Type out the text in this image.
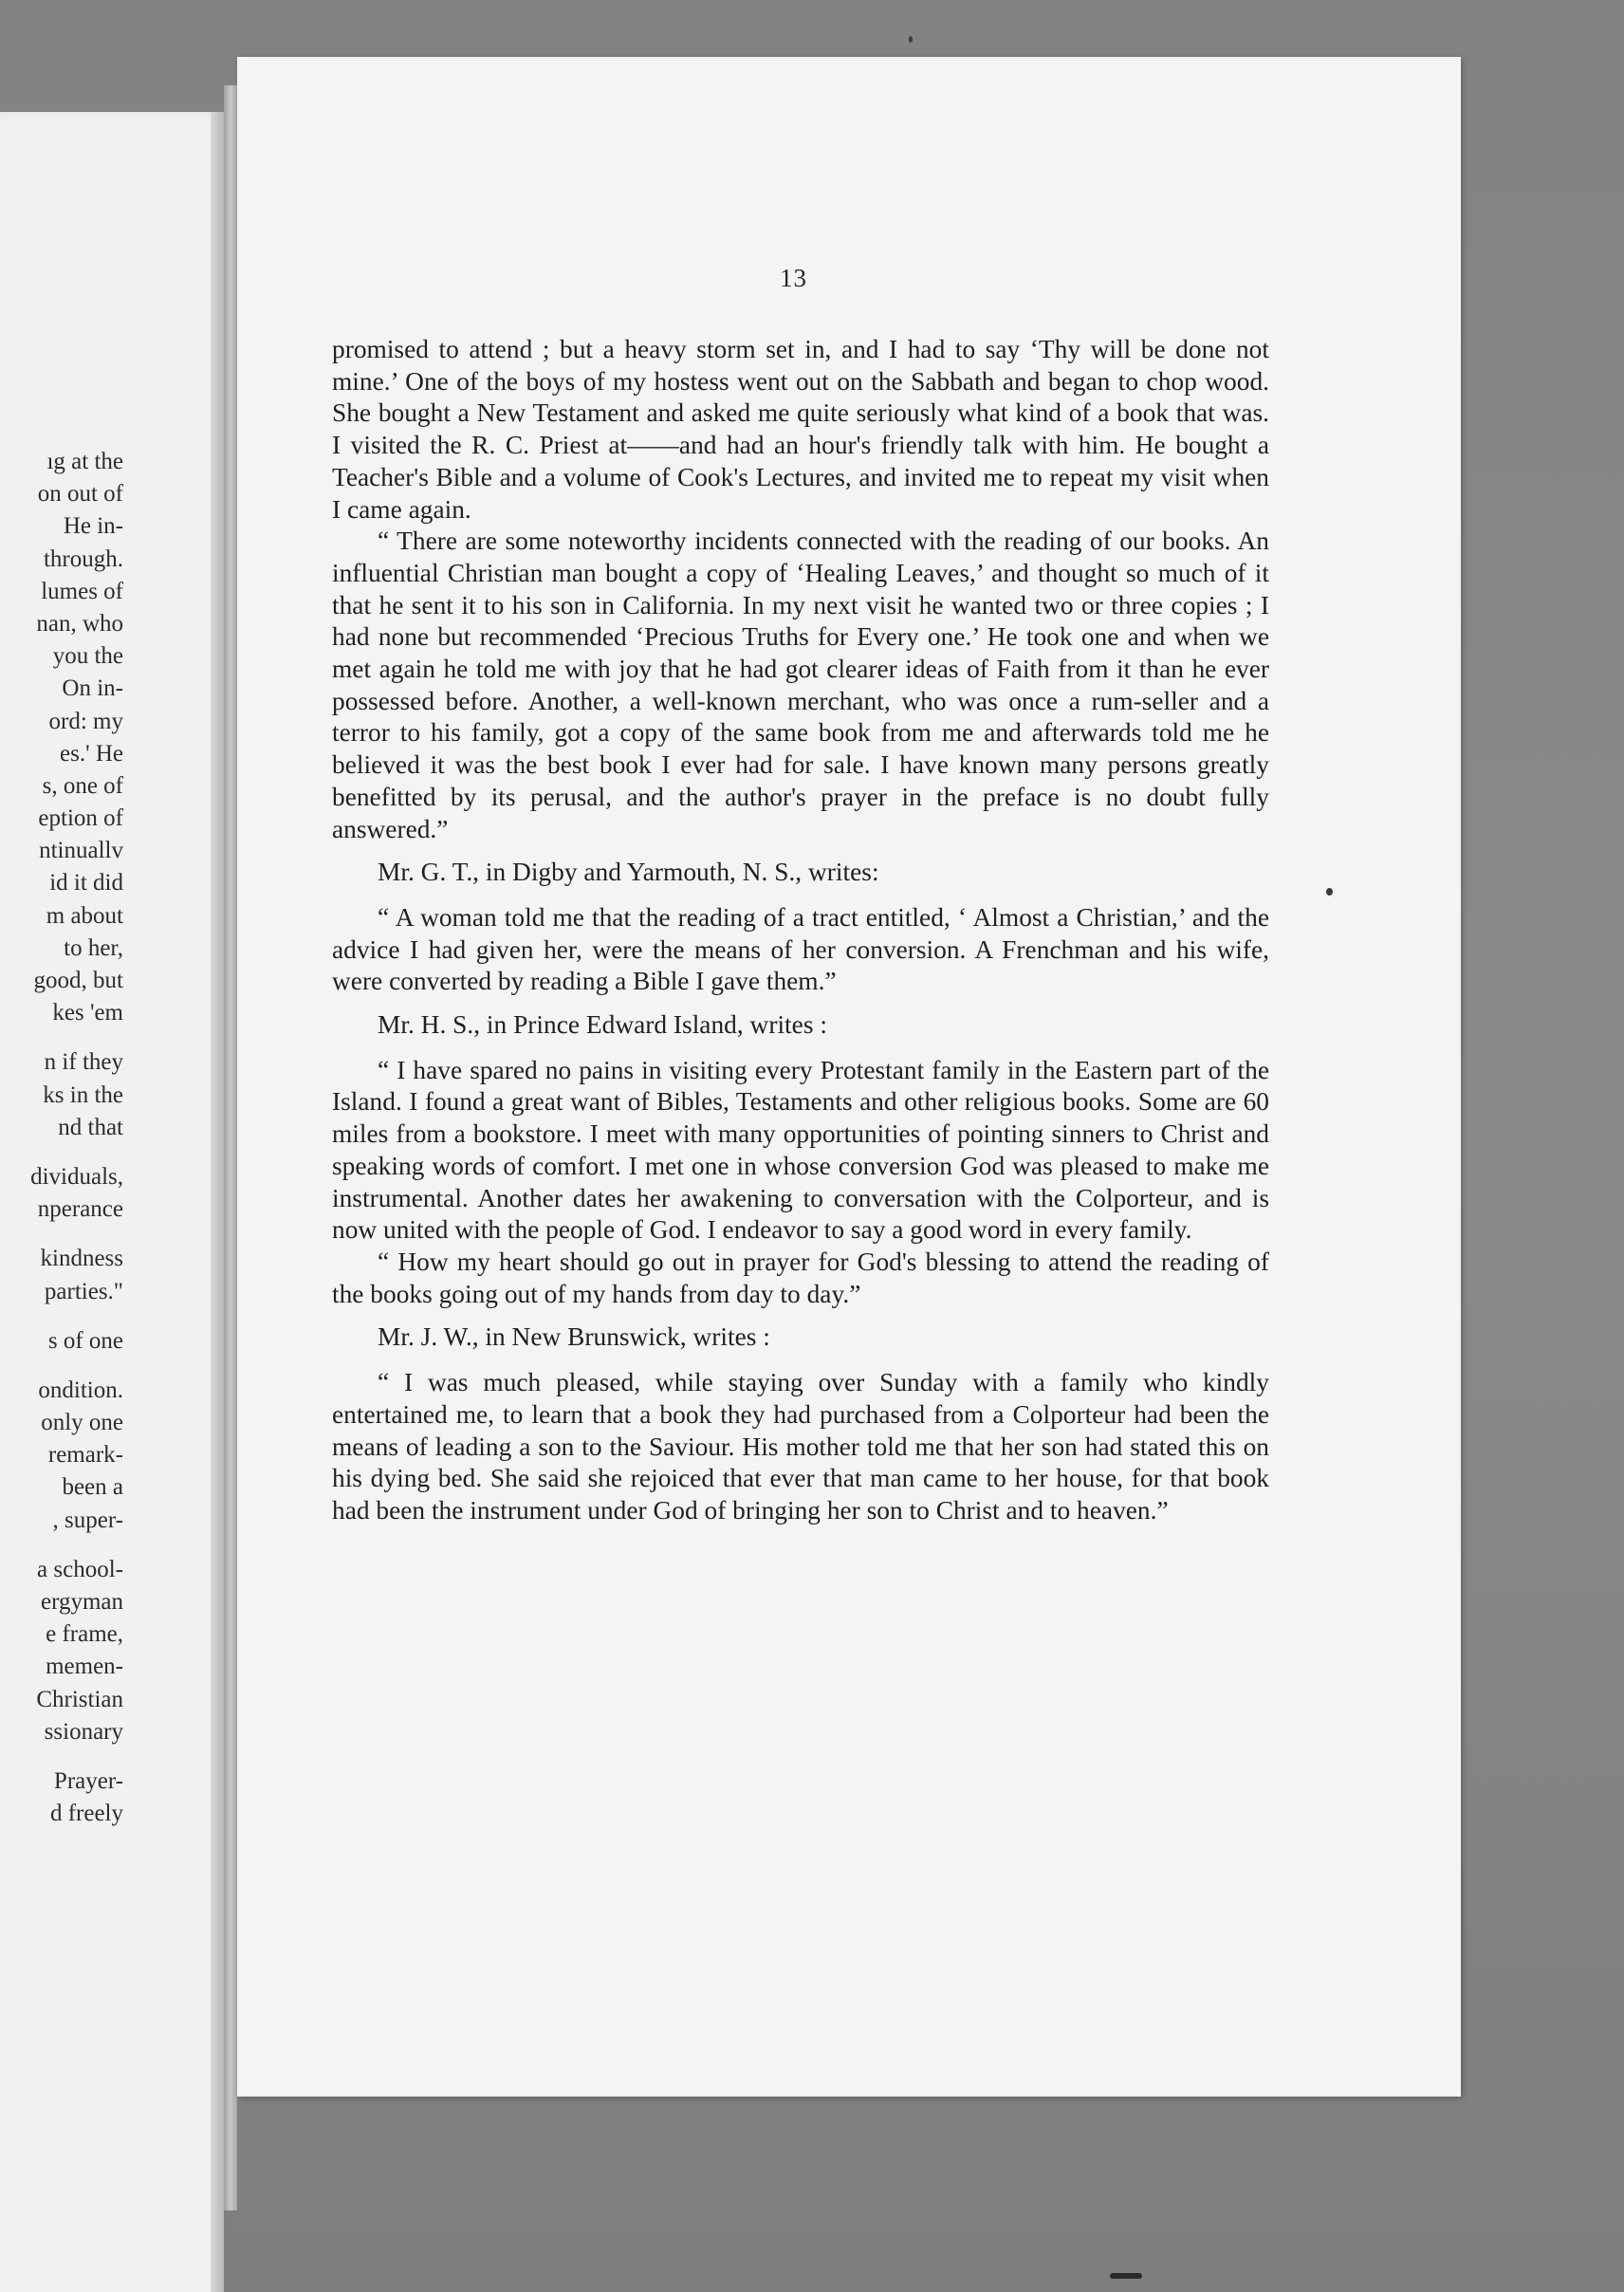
ıg at the
on out of
He in-
through.
lumes of
nan, who
you the
On in-
ord: my
es.' He
s, one of
eption of
ntinuallv
id it did
m about
to her,
good, but
kes 'em
n if they
ks in the
nd that
dividuals,
nperance
kindness
parties."
s of one
ondition.
only one
remark-
been a
, super-
a school-
ergyman
e frame,
memen-
Christian
ssionary
Prayer-
d freely
13

promised to attend ; but a heavy storm set in, and I had to say ‘Thy will be done not mine.’ One of the boys of my hostess went out on the Sabbath and began to chop wood. She bought a New Testament and asked me quite seriously what kind of a book that was. I visited the R. C. Priest at——and had an hour's friendly talk with him. He bought a Teacher's Bible and a volume of Cook's Lectures, and invited me to repeat my visit when I came again.

“ There are some noteworthy incidents connected with the reading of our books. An influential Christian man bought a copy of ‘Healing Leaves,’ and thought so much of it that he sent it to his son in California. In my next visit he wanted two or three copies ; I had none but recommended ‘Precious Truths for Every one.’ He took one and when we met again he told me with joy that he had got clearer ideas of Faith from it than he ever possessed before. Another, a well-known merchant, who was once a rum-seller and a terror to his family, got a copy of the same book from me and afterwards told me he believed it was the best book I ever had for sale. I have known many persons greatly benefitted by its perusal, and the author's prayer in the preface is no doubt fully answered.”

Mr. G. T., in Digby and Yarmouth, N. S., writes:

“ A woman told me that the reading of a tract entitled, ‘ Almost a Christian,’ and the advice I had given her, were the means of her conversion. A Frenchman and his wife, were converted by reading a Bible I gave them.”

Mr. H. S., in Prince Edward Island, writes :

“ I have spared no pains in visiting every Protestant family in the Eastern part of the Island. I found a great want of Bibles, Testaments and other religious books. Some are 60 miles from a bookstore. I meet with many opportunities of pointing sinners to Christ and speaking words of comfort. I met one in whose conversion God was pleased to make me instrumental. Another dates her awakening to conversation with the Colporteur, and is now united with the people of God. I endeavor to say a good word in every family.

“ How my heart should go out in prayer for God's blessing to attend the reading of the books going out of my hands from day to day.”

Mr. J. W., in New Brunswick, writes :

“ I was much pleased, while staying over Sunday with a family who kindly entertained me, to learn that a book they had purchased from a Colporteur had been the means of leading a son to the Saviour. His mother told me that her son had stated this on his dying bed. She said she rejoiced that ever that man came to her house, for that book had been the instrument under God of bringing her son to Christ and to heaven.”
